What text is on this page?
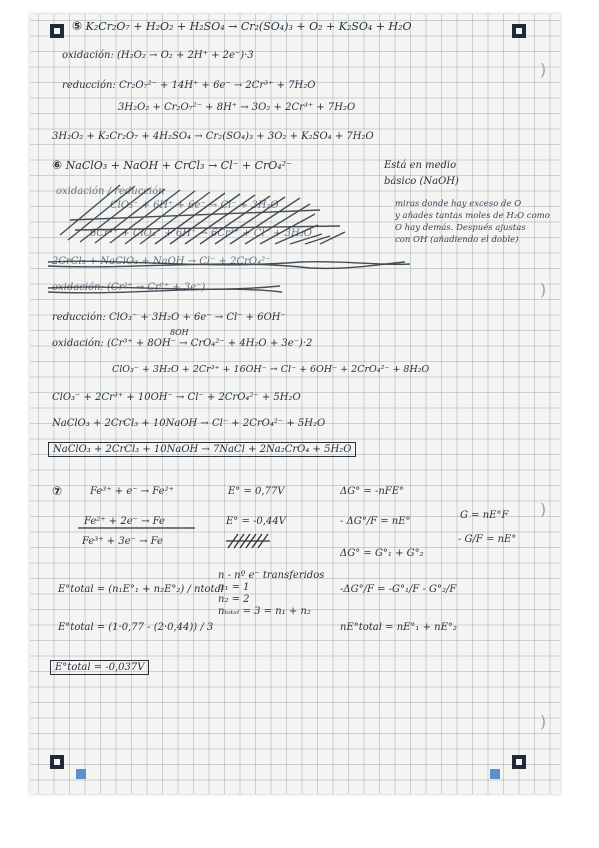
)
)
)
)
⑤ K₂Cr₂O₇ + H₂O₂ + H₂SO₄ → Cr₂(SO₄)₃ + O₂ + K₂SO₄ + H₂O
oxidación: (H₂O₂ → O₂ + 2H⁺ + 2e⁻)·3
reducción: Cr₂O₇²⁻ + 14H⁺ + 6e⁻ → 2Cr³⁺ + 7H₂O
3H₂O₂ + Cr₂O₇²⁻ + 8H⁺ → 3O₂ + 2Cr³⁺ + 7H₂O
3H₂O₂ + K₂Cr₂O₇ + 4H₂SO₄ → Cr₂(SO₄)₃ + 3O₂ + K₂SO₄ + 7H₂O
⑥ NaClO₃ + NaOH + CrCl₃ → Cl⁻ + CrO₄²⁻	Está en medio
básico (NaOH)
oxidación / reducción
ClO₃⁻ + 6H⁺ + 6e⁻ → Cl⁻ + 3H₂O
6Cr³⁺ + ClO₃⁻ + 6H⁺ → 6Cr³⁺ + Cl⁻ + 3H₂O
2CrCl₃ + NaClO₃ + NaOH → Cl⁻ + 2CrO₄²⁻
oxidación: (Cr³⁺ → Cr⁶⁺ + 3e⁻)
miras donde hay exceso de O
y añades tantas moles de H₂O como
O hay demás. Después ajustas
con OH (añadiendo el doble)
reducción: ClO₃⁻ + 3H₂O + 6e⁻ → Cl⁻ + 6OH⁻
8OH
oxidación: (Cr³⁺ + 8OH⁻ → CrO₄²⁻ + 4H₂O + 3e⁻)·2
ClO₃⁻ + 3H₂O + 2Cr³⁺ + 16OH⁻ → Cl⁻ + 6OH⁻ + 2CrO₄²⁻ + 8H₂O
ClO₃⁻ + 2Cr³⁺ + 10OH⁻ → Cl⁻ + 2CrO₄²⁻ + 5H₂O
NaClO₃ + 2CrCl₃ + 10NaOH → Cl⁻ + 2CrO₄²⁻ + 5H₂O
NaClO₃ + 2CrCl₃ + 10NaOH → 7NaCl + 2Na₂CrO₄ + 5H₂O
⑦	Fe³⁺ + e⁻ → Fe²⁺	E° = 0,77V	ΔG° = -nFE°
Fe²⁺ + 2e⁻ → Fe	E° = -0,44V	- ΔG°/F = nE°
G = nE°F
- G/F = nE°
Fe³⁺ + 3e⁻ → Fe
ΔG° = G°₁ + G°₂
n - nº e⁻ transferidos
n₁ = 1
n₂ = 2
nₜₒₜₐₗ = 3 = n₁ + n₂
E°total = (n₁E°₁ + n₂E°₂) / ntotal	-ΔG°/F = -G°₁/F - G°₂/F
E°total = (1·0,77 - (2·0,44)) / 3	nE°total = nE°₁ + nE°₂
E°total = -0,037V
